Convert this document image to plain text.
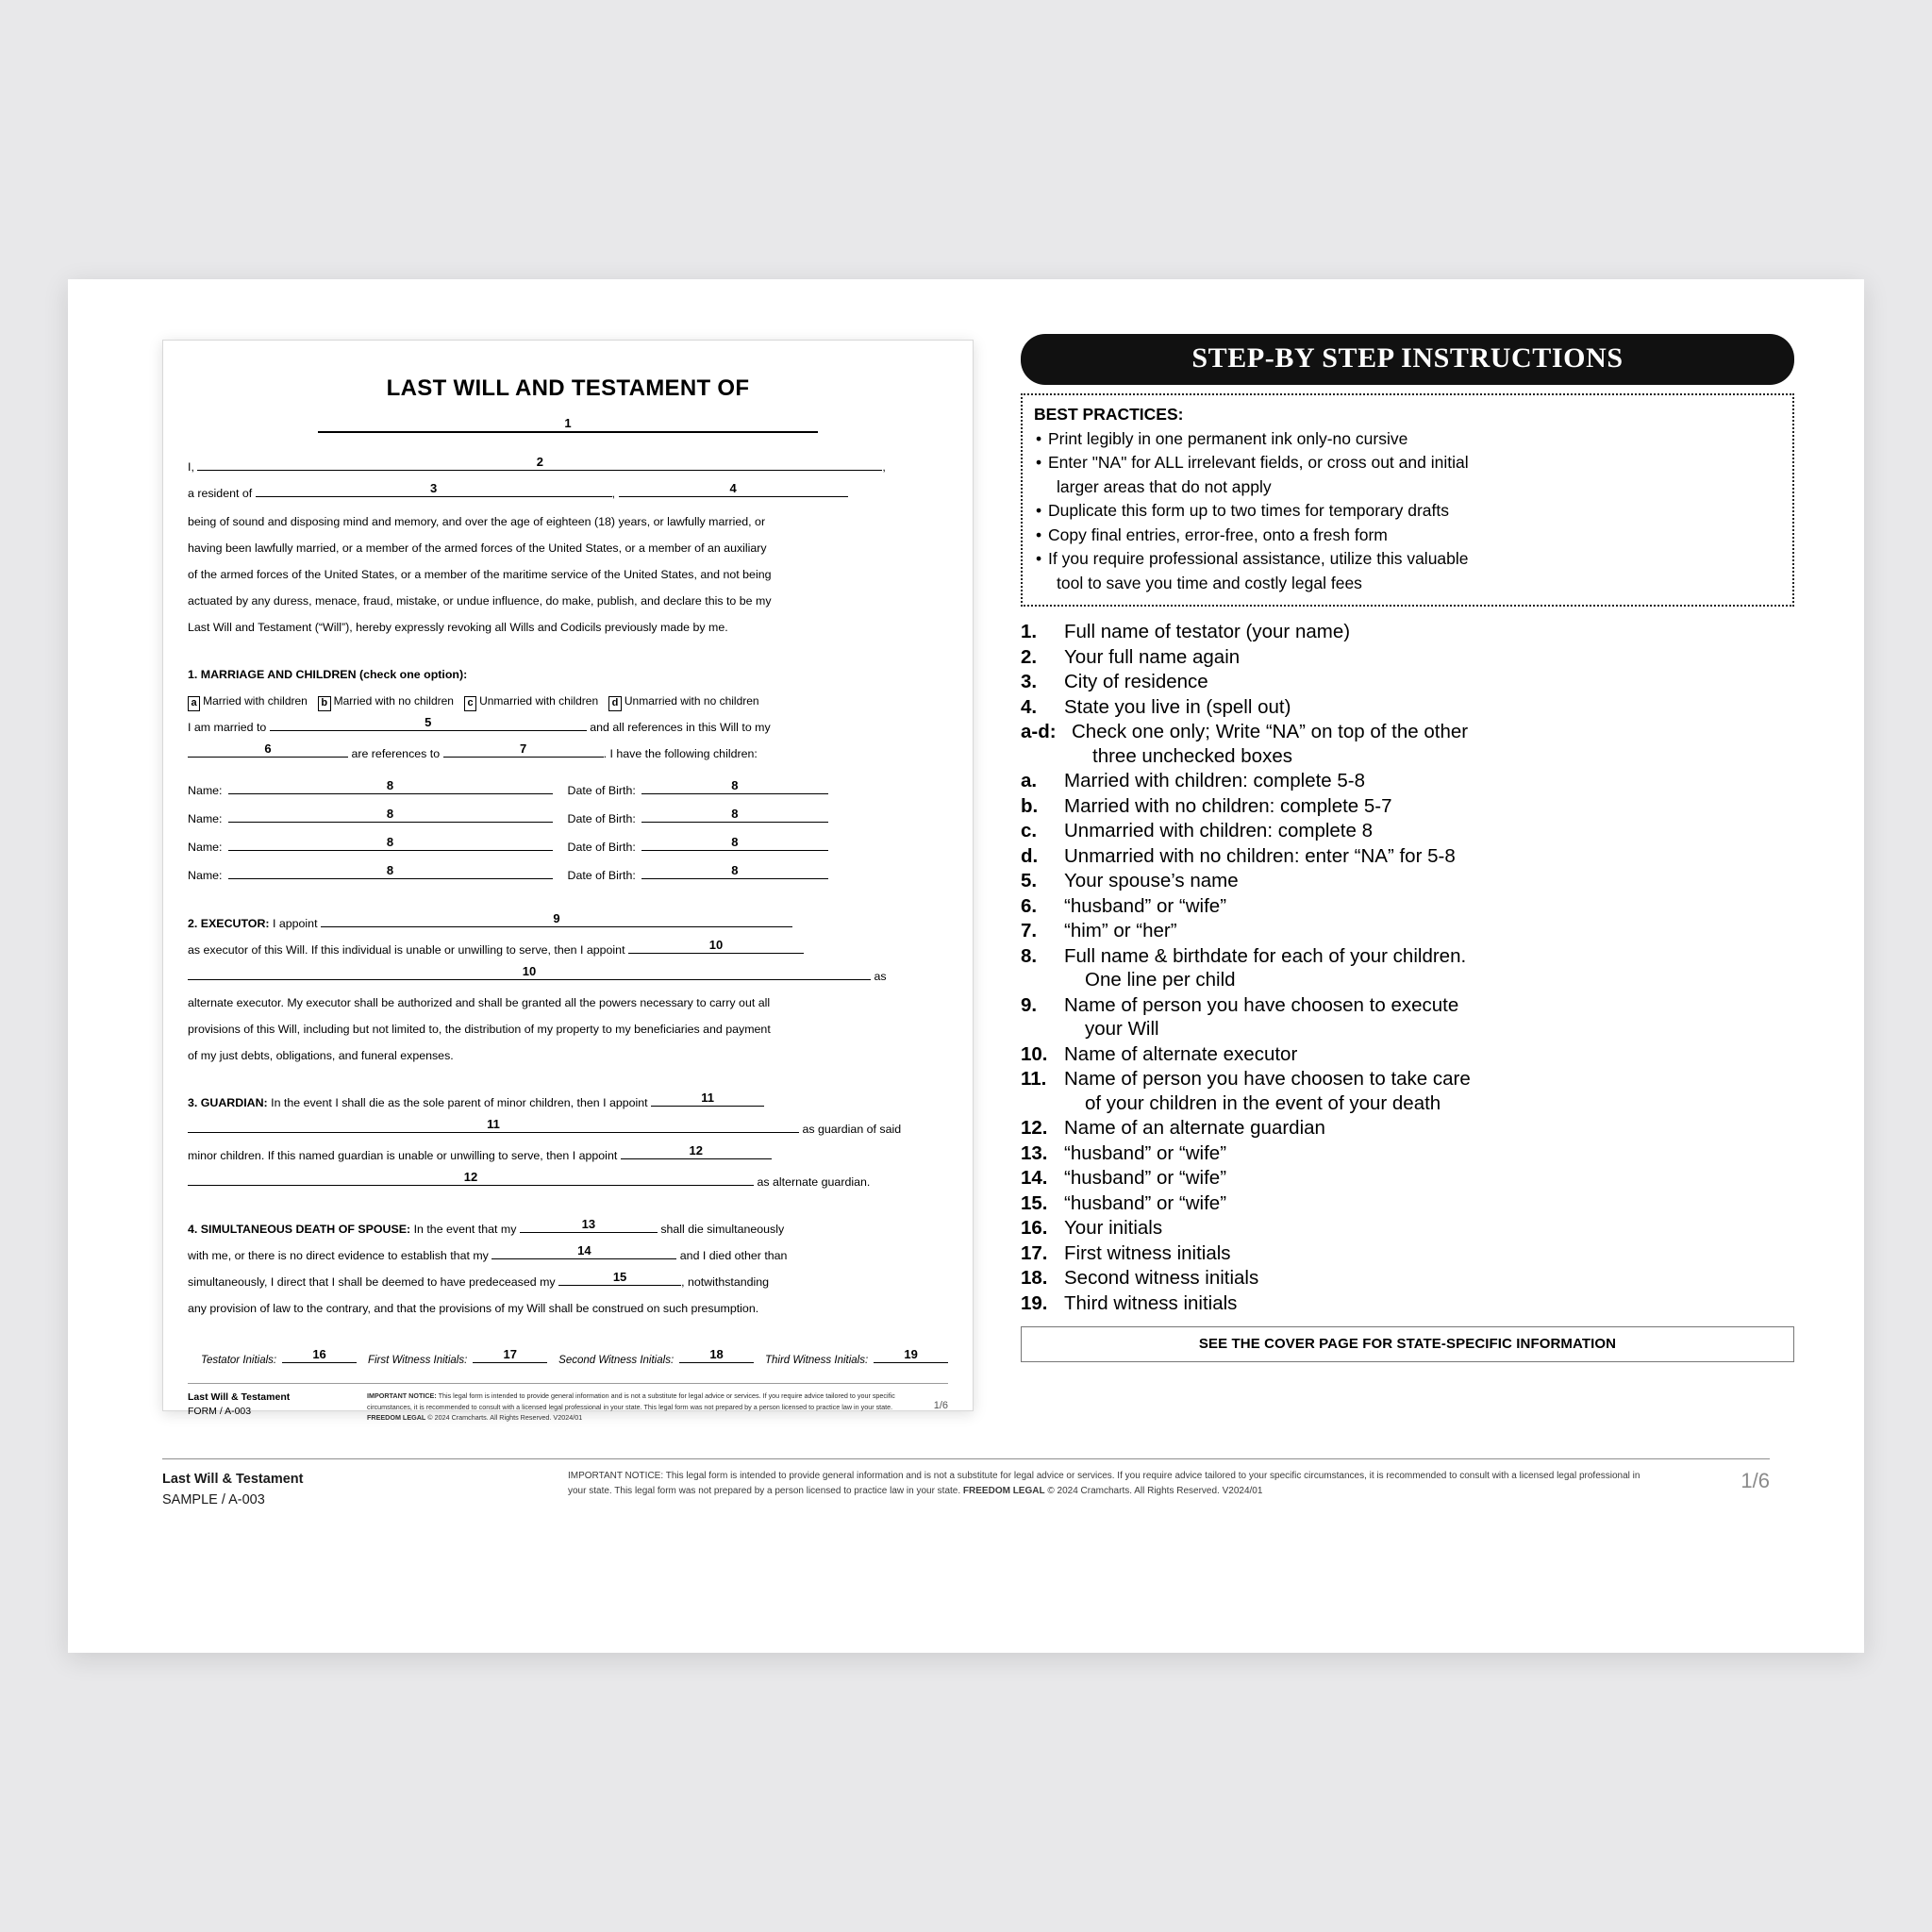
LAST WILL AND TESTAMENT OF
1
I,	2	,
a resident of	3	,	4
being of sound and disposing mind and memory, and over the age of eighteen (18) years, or lawfully married, or
having been lawfully married, or a member of the armed forces of the United States, or a member of an auxiliary
of the armed forces of the United States, or a member of the maritime service of the United States, and not being
actuated by any duress, menace, fraud, mistake, or undue influence, do make, publish, and declare this to be my
Last Will and Testament (“Will”), hereby expressly revoking all Wills and Codicils previously made by me.
1. MARRIAGE AND CHILDREN (check one option):
a Married with children b Married with no children c Unmarried with children d Unmarried with no children
I am married to	5	and all references in this Will to my
6	are references to	7	. I have the following children:
Name:	8	Date of Birth:	8
Name:	8	Date of Birth:	8
Name:	8	Date of Birth:	8
Name:	8	Date of Birth:	8
2. EXECUTOR: I appoint	9
as executor of this Will. If this individual is unable or unwilling to serve, then I appoint	10
10	as
alternate executor. My executor shall be authorized and shall be granted all the powers necessary to carry out all
provisions of this Will, including but not limited to, the distribution of my property to my beneficiaries and payment
of my just debts, obligations, and funeral expenses.
3. GUARDIAN: In the event I shall die as the sole parent of minor children, then I appoint	11
11	as guardian of said
minor children. If this named guardian is unable or unwilling to serve, then I appoint	12
12	as alternate guardian.
4. SIMULTANEOUS DEATH OF SPOUSE: In the event that my	13	shall die simultaneously
with me, or there is no direct evidence to establish that my	14	and I died other than
simultaneously, I direct that I shall be deemed to have predeceased my	15	, notwithstanding
any provision of law to the contrary, and that the provisions of my Will shall be construed on such presumption.
Testator Initials:	16	First Witness Initials:	17	Second Witness Initials:	18	Third Witness Initials:	19
Last Will & Testament
FORM / A-003
IMPORTANT NOTICE: This legal form is intended to provide general information and is not a substitute for legal advice or services. If you require advice tailored to your specific circumstances, it is recommended to consult with a licensed legal professional in your state. This legal form was not prepared by a person licensed to practice law in your state. FREEDOM LEGAL © 2024 Cramcharts. All Rights Reserved. V2024/01
1/6
STEP-BY STEP INSTRUCTIONS
BEST PRACTICES:
• Print legibly in one permanent ink only-no cursive
• Enter "NA" for ALL irrelevant fields, or cross out and initial
larger areas that do not apply
• Duplicate this form up to two times for temporary drafts
• Copy final entries, error-free, onto a fresh form
• If you require professional assistance, utilize this valuable
tool to save you time and costly legal fees
1.	Full name of testator (your name)
2.	Your full name again
3.	City of residence
4.	State you live in (spell out)
a-d: Check one only; Write “NA” on top of the other
three unchecked boxes
a.	Married with children: complete 5-8
b.	Married with no children: complete 5-7
c.	Unmarried with children: complete 8
d.	Unmarried with no children: enter “NA” for 5-8
5.	Your spouse’s name
6.	“husband” or “wife”
7.	“him” or “her”
8.	Full name & birthdate for each of your children.
One line per child
9.	Name of person you have choosen to execute
your Will
10. Name of alternate executor
11. Name of person you have choosen to take care
of your children in the event of your death
12. Name of an alternate guardian
13. “husband” or “wife”
14. “husband” or “wife”
15. “husband” or “wife”
16. Your initials
17. First witness initials
18. Second witness initials
19. Third witness initials
SEE THE COVER PAGE FOR STATE-SPECIFIC INFORMATION
Last Will & Testament
SAMPLE / A-003
IMPORTANT NOTICE: This legal form is intended to provide general information and is not a substitute for legal advice or services. If you require advice tailored to your specific circumstances, it is recommended to consult with a licensed legal professional in your state. This legal form was not prepared by a person licensed to practice law in your state. FREEDOM LEGAL © 2024 Cramcharts. All Rights Reserved. V2024/01	1/6
